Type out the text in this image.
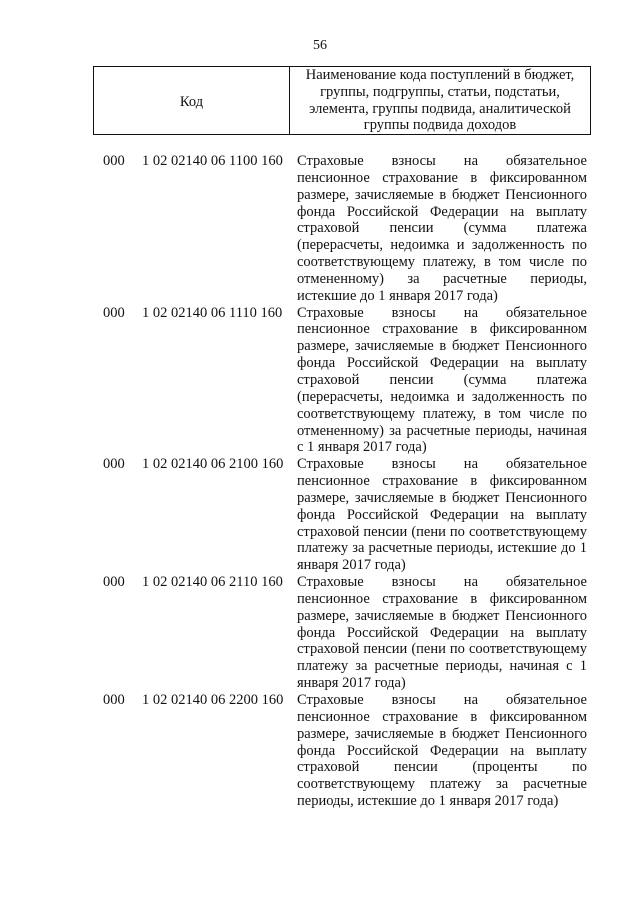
56
Код
Наименование кода поступлений в бюджет, группы, подгруппы, статьи, подстатьи, элемента, группы подвида, аналитической группы подвида доходов
000 1 02 02140 06 1100 160 Страховые взносы на обязательное пенсионное страхование в фиксированном размере, зачисляемые в бюджет Пенсионного фонда Российской Федерации на выплату страховой пенсии (сумма платежа (перерасчеты, недоимка и задолженность по соответствующему платежу, в том числе по отмененному) за расчетные периоды, истекшие до 1 января 2017 года)
000 1 02 02140 06 1110 160 Страховые взносы на обязательное пенсионное страхование в фиксированном размере, зачисляемые в бюджет Пенсионного фонда Российской Федерации на выплату страховой пенсии (сумма платежа (перерасчеты, недоимка и задолженность по соответствующему платежу, в том числе по отмененному) за расчетные периоды, начиная с 1 января 2017 года)
000 1 02 02140 06 2100 160 Страховые взносы на обязательное пенсионное страхование в фиксированном размере, зачисляемые в бюджет Пенсионного фонда Российской Федерации на выплату страховой пенсии (пени по соответствующему платежу за расчетные периоды, истекшие до 1 января 2017 года)
000 1 02 02140 06 2110 160 Страховые взносы на обязательное пенсионное страхование в фиксированном размере, зачисляемые в бюджет Пенсионного фонда Российской Федерации на выплату страховой пенсии (пени по соответствующему платежу за расчетные периоды, начиная с 1 января 2017 года)
000 1 02 02140 06 2200 160 Страховые взносы на обязательное пенсионное страхование в фиксированном размере, зачисляемые в бюджет Пенсионного фонда Российской Федерации на выплату страховой пенсии (проценты по соответствующему платежу за расчетные периоды, истекшие до 1 января 2017 года)
